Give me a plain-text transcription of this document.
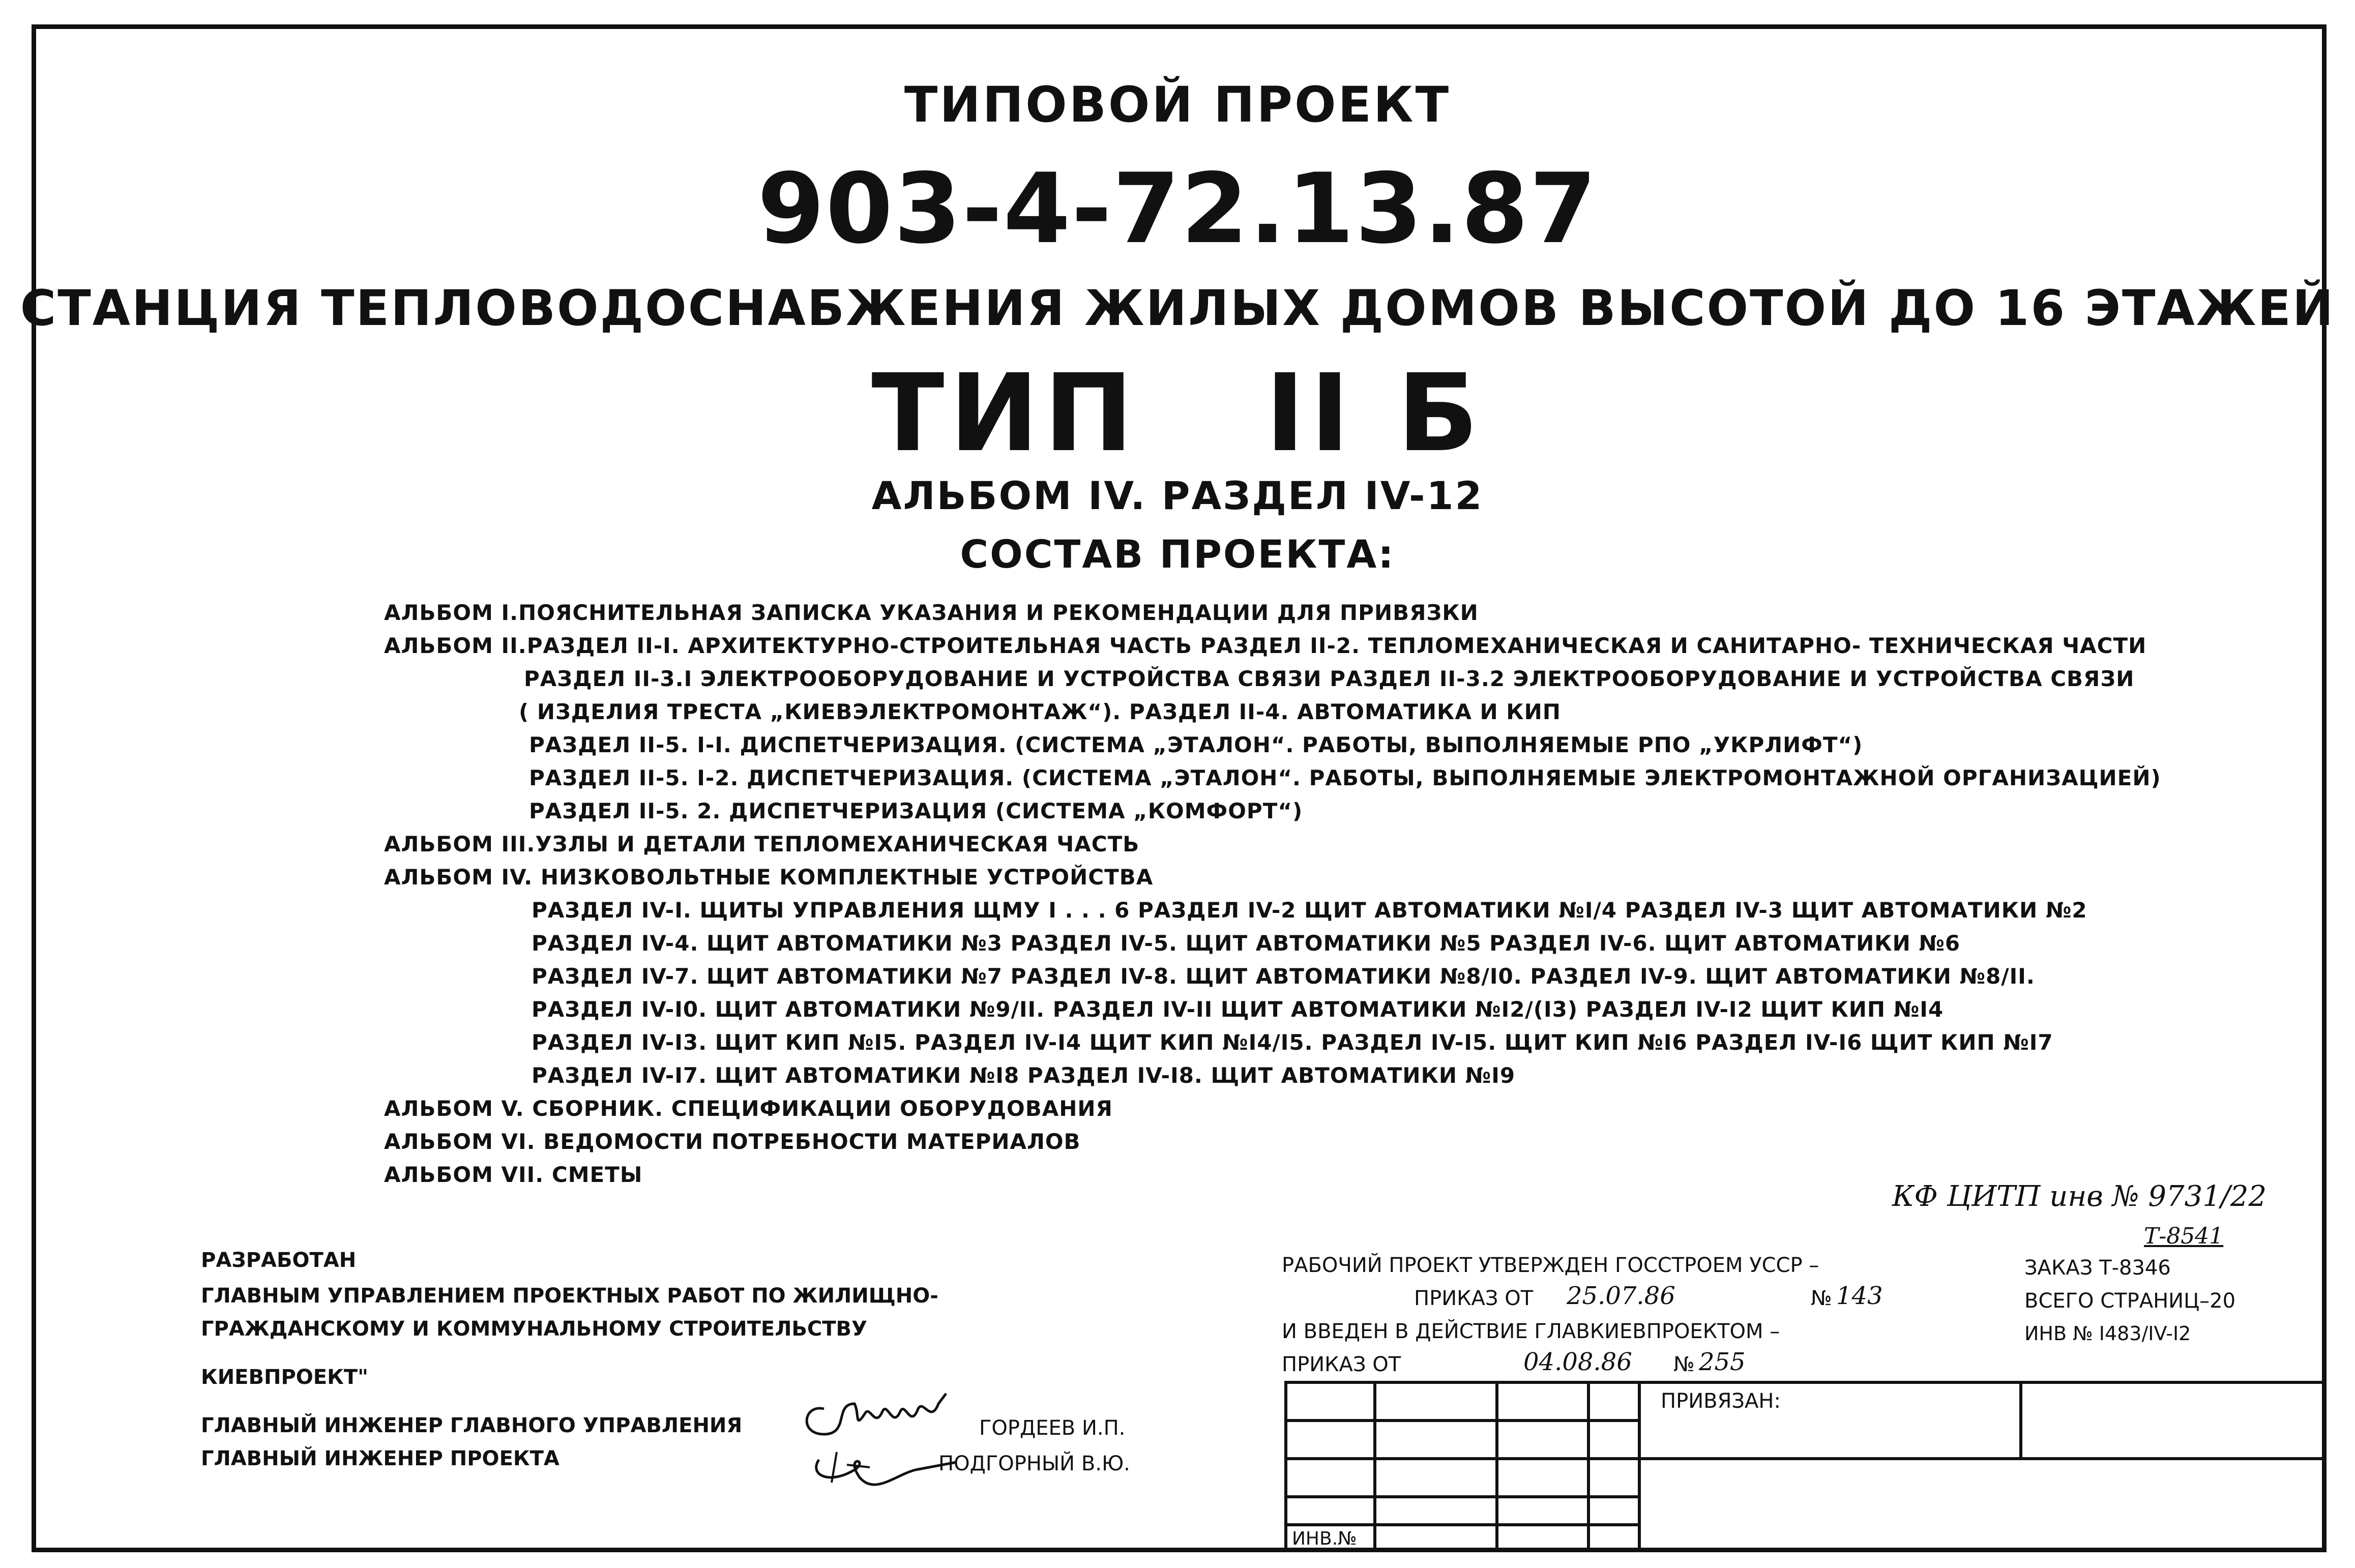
ТИПОВОЙ ПРОЕКТ
903-4-72.13.87
СТАНЦИЯ ТЕПЛОВОДОСНАБЖЕНИЯ ЖИЛЫХ ДОМОВ ВЫСОТОЙ ДО 16 ЭТАЖЕЙ
ТИП   II Б
АЛЬБОМ IV. РАЗДЕЛ IV-12
СОСТАВ ПРОЕКТА:
АЛЬБОМ I.ПОЯСНИТЕЛЬНАЯ ЗАПИСКА УКАЗАНИЯ И РЕКОМЕНДАЦИИ ДЛЯ ПРИВЯЗКИ
АЛЬБОМ II.РАЗДЕЛ II-I. АРХИТЕКТУРНО-СТРОИТЕЛЬНАЯ ЧАСТЬ РАЗДЕЛ II-2. ТЕПЛОМЕХАНИЧЕСКАЯ И САНИТАРНО- ТЕХНИЧЕСКАЯ ЧАСТИ
РАЗДЕЛ II-3.I ЭЛЕКТРООБОРУДОВАНИЕ И УСТРОЙСТВА СВЯЗИ РАЗДЕЛ II-3.2 ЭЛЕКТРООБОРУДОВАНИЕ И УСТРОЙСТВА СВЯЗИ
( ИЗДЕЛИЯ ТРЕСТА „КИЕВЭЛЕКТРОМОНТАЖ“). РАЗДЕЛ II-4. АВТОМАТИКА И КИП
РАЗДЕЛ II-5. I-I. ДИСПЕТЧЕРИЗАЦИЯ. (СИСТЕМА „ЭТАЛОН“. РАБОТЫ, ВЫПОЛНЯЕМЫЕ РПО „УКРЛИФТ“)
РАЗДЕЛ II-5. I-2. ДИСПЕТЧЕРИЗАЦИЯ. (СИСТЕМА „ЭТАЛОН“. РАБОТЫ, ВЫПОЛНЯЕМЫЕ ЭЛЕКТРОМОНТАЖНОЙ ОРГАНИЗАЦИЕЙ)
РАЗДЕЛ II-5. 2. ДИСПЕТЧЕРИЗАЦИЯ (СИСТЕМА „КОМФОРТ“)
АЛЬБОМ III.УЗЛЫ И ДЕТАЛИ ТЕПЛОМЕХАНИЧЕСКАЯ ЧАСТЬ
АЛЬБОМ IV. НИЗКОВОЛЬТНЫЕ КОМПЛЕКТНЫЕ УСТРОЙСТВА
РАЗДЕЛ IV-I. ЩИТЫ УПРАВЛЕНИЯ ЩМУ I . . . 6 РАЗДЕЛ IV-2 ЩИТ АВТОМАТИКИ №I/4 РАЗДЕЛ IV-3 ЩИТ АВТОМАТИКИ №2
РАЗДЕЛ IV-4. ЩИТ АВТОМАТИКИ №3 РАЗДЕЛ IV-5. ЩИТ АВТОМАТИКИ №5 РАЗДЕЛ IV-6. ЩИТ АВТОМАТИКИ №6
РАЗДЕЛ IV-7. ЩИТ АВТОМАТИКИ №7 РАЗДЕЛ IV-8. ЩИТ АВТОМАТИКИ №8/I0. РАЗДЕЛ IV-9. ЩИТ АВТОМАТИКИ №8/II.
РАЗДЕЛ IV-I0. ЩИТ АВТОМАТИКИ №9/II. РАЗДЕЛ IV-II ЩИТ АВТОМАТИКИ №I2/(I3) РАЗДЕЛ IV-I2 ЩИТ КИП №I4
РАЗДЕЛ IV-I3. ЩИТ КИП №I5. РАЗДЕЛ IV-I4 ЩИТ КИП №I4/I5. РАЗДЕЛ IV-I5. ЩИТ КИП №I6 РАЗДЕЛ IV-I6 ЩИТ КИП №I7
РАЗДЕЛ IV-I7. ЩИТ АВТОМАТИКИ №I8 РАЗДЕЛ IV-I8. ЩИТ АВТОМАТИКИ №I9
АЛЬБОМ V. СБОРНИК. СПЕЦИФИКАЦИИ ОБОРУДОВАНИЯ
АЛЬБОМ VI. ВЕДОМОСТИ ПОТРЕБНОСТИ МАТЕРИАЛОВ
АЛЬБОМ VII. СМЕТЫ
КФ ЦИТП инв № 9731/22
РАЗРАБОТАН
ГЛАВНЫМ УПРАВЛЕНИЕМ ПРОЕКТНЫХ РАБОТ ПО ЖИЛИЩНО-
ГРАЖДАНСКОМУ И КОММУНАЛЬНОМУ СТРОИТЕЛЬСТВУ
КИЕВПРОЕКТ"
ГЛАВНЫЙ ИНЖЕНЕР ГЛАВНОГО УПРАВЛЕНИЯ
ГЛАВНЫЙ ИНЖЕНЕР ПРОЕКТА
ГОРДЕЕВ И.П.
ПОДГОРНЫЙ В.Ю.
РАБОЧИЙ ПРОЕКТ УТВЕРЖДЕН ГОССТРОЕМ УССР –
ПРИКАЗ ОТ 25.07.86	№ 143
И ВВЕДЕН В ДЕЙСТВИЕ ГЛАВКИЕВПРОЕКТОМ –
ПРИКАЗ ОТ	04.08.86 № 255
Т-8541
ЗАКАЗ Т-8346
ВСЕГО СТРАНИЦ–20
ИНВ № I483/IV-I2
ПРИВЯЗАН:
ИНВ.№
